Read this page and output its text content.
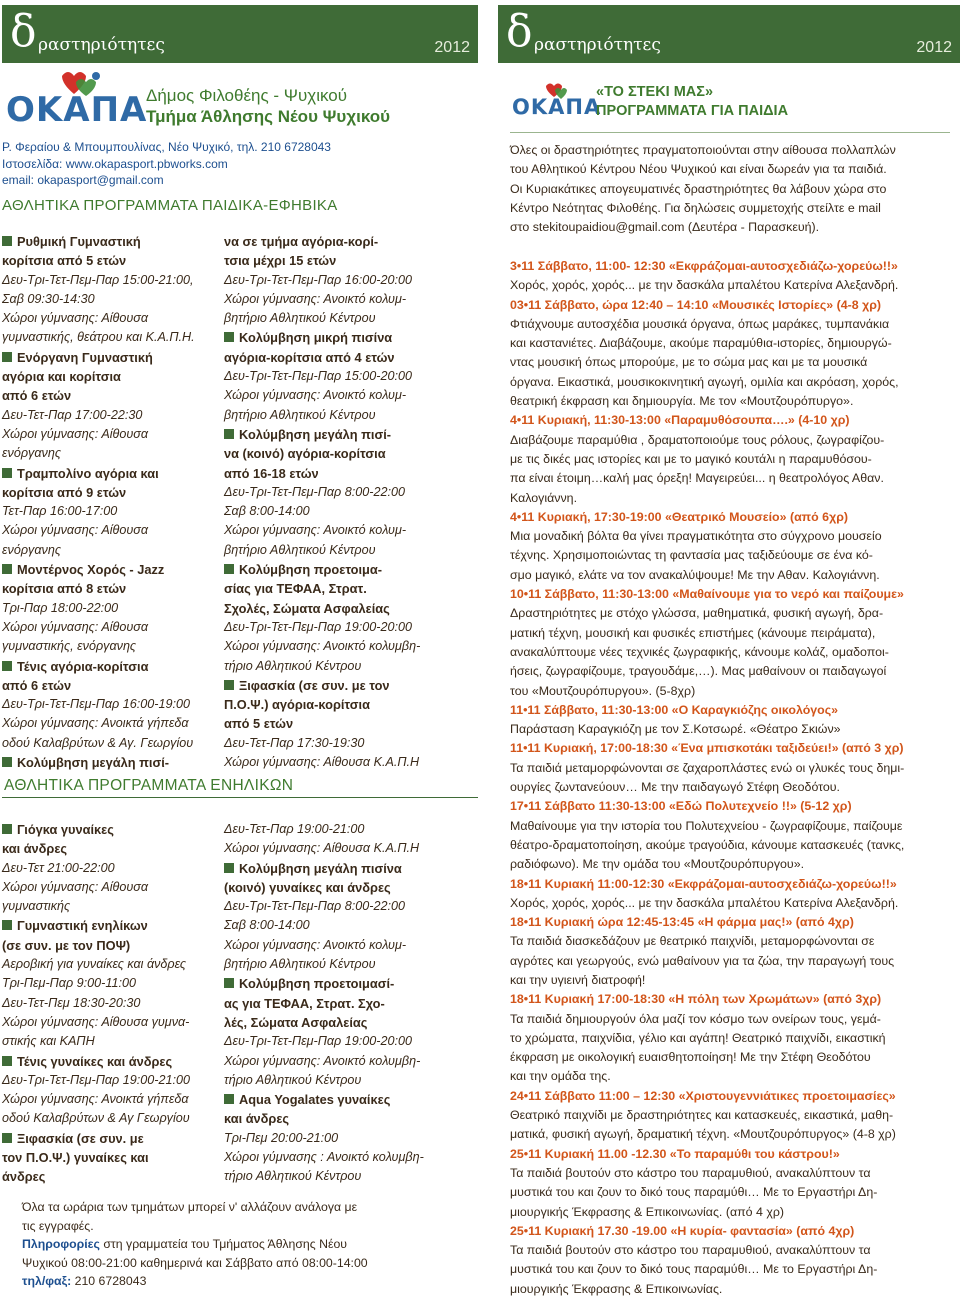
δ ραστηριότητες	2012
ΟΚΑΠΑ
Δήμος Φιλοθέης - Ψυχικού
Τμήμα Άθλησης Νέου Ψυχικού
Ρ. Φεραίου & Μπουμπουλίνας, Νέο Ψυχικό, τηλ. 210 6728043
Ιστοσελίδα: www.okapasport.pbworks.com
email: okapasport@gmail.com
ΑΘΛΗΤΙΚΑ ΠΡΟΓΡΑΜΜΑΤΑ ΠΑΙΔΙΚΑ-ΕΦΗΒΙΚΑ
Ρυθμική Γυμναστική
κορίτσια από 5 ετών
Δευ-Τρι-Τετ-Πεμ-Παρ 15:00-21:00,
Σαβ 09:30-14:30
Χώροι γύμνασης: Αίθουσα
γυμναστικής, θεάτρου και Κ.Α.Π.Η.
Ενόργανη Γυμναστική
αγόρια και κορίτσια
από 6 ετών
Δευ-Τετ-Παρ 17:00-22:30
Χώροι γύμνασης: Αίθουσα
ενόργανης
Τραμπολίνο αγόρια και
κορίτσια από 9 ετών
Τετ-Παρ 16:00-17:00
Χώροι γύμνασης: Αίθουσα
ενόργανης
Μοντέρνος Χορός - Jazz
κορίτσια από 8 ετών
Τρι-Παρ 18:00-22:00
Χώροι γύμνασης: Αίθουσα
γυμναστικής, ενόργανης
Τένις αγόρια-κορίτσια
από 6 ετών
Δευ-Τρι-Τετ-Πεμ-Παρ 16:00-19:00
Χώροι γύμνασης: Ανοικτά γήπεδα
οδού Καλαβρύτων & Αγ. Γεωργίου
Κολύμβηση μεγάλη πισί-
να σε τμήμα αγόρια-κορί-
τσια μέχρι 15 ετών
Δευ-Τρι-Τετ-Πεμ-Παρ 16:00-20:00
Χώροι γύμνασης: Ανοικτό κολυμ-
βητήριο Αθλητικού Κέντρου
Κολύμβηση μικρή πισίνα
αγόρια-κορίτσια από 4 ετών
Δευ-Τρι-Τετ-Πεμ-Παρ 15:00-20:00
Χώροι γύμνασης: Ανοικτό κολυμ-
βητήριο Αθλητικού Κέντρου
Κολύμβηση μεγάλη πισί-
να (κοινό) αγόρια-κορίτσια
από 16-18 ετών
Δευ-Τρι-Τετ-Πεμ-Παρ 8:00-22:00
Σαβ 8:00-14:00
Χώροι γύμνασης: Ανοικτό κολυμ-
βητήριο Αθλητικού Κέντρου
Κολύμβηση προετοιμα-
σίας για ΤΕΦΑΑ, Στρατ.
Σχολές, Σώματα Ασφαλείας
Δευ-Τρι-Τετ-Πεμ-Παρ 19:00-20:00
Χώροι γύμνασης: Ανοικτό κολυμβη-
τήριο Αθλητικού Κέντρου
Ξιφασκία (σε συν. με τον
Π.Ο.Ψ.) αγόρια-κορίτσια
από 5 ετών
Δευ-Τετ-Παρ 17:30-19:30
Χώροι γύμνασης: Αίθουσα Κ.Α.Π.Η
ΑΘΛΗΤΙΚΑ ΠΡΟΓΡΑΜΜΑΤΑ ΕΝΗΛΙΚΩΝ
Γιόγκα γυναίκες
και άνδρες
Δευ-Τετ 21:00-22:00
Χώροι γύμνασης: Αίθουσα
γυμναστικής
Γυμναστική ενηλίκων
(σε συν. με τον ΠΟΨ)
Αεροβική για γυναίκες και άνδρες
Τρι-Πεμ-Παρ 9:00-11:00
Δευ-Τετ-Πεμ 18:30-20:30
Χώροι γύμνασης: Αίθουσα γυμνα-
στικής και ΚΑΠΗ
Τένις γυναίκες και άνδρες
Δευ-Τρι-Τετ-Πεμ-Παρ 19:00-21:00
Χώροι γύμνασης: Ανοικτά γήπεδα
οδού Καλαβρύτων & Αγ Γεωργίου
Ξιφασκία (σε συν. με
τον Π.Ο.Ψ.) γυναίκες και
άνδρες
Δευ-Τετ-Παρ 19:00-21:00
Χώροι γύμνασης: Αίθουσα Κ.Α.Π.Η
Κολύμβηση μεγάλη πισίνα
(κοινό) γυναίκες και άνδρες
Δευ-Τρι-Τετ-Πεμ-Παρ 8:00-22:00
Σαβ 8:00-14:00
Χώροι γύμνασης: Ανοικτό κολυμ-
βητήριο Αθλητικού Κέντρου
Κολύμβηση προετοιμασί-
ας για ΤΕΦΑΑ, Στρατ. Σχο-
λές, Σώματα Ασφαλείας
Δευ-Τρι-Τετ-Πεμ-Παρ 19:00-20:00
Χώροι γύμνασης: Ανοικτό κολυμβη-
τήριο Αθλητικού Κέντρου
Aqua Yogalates γυναίκες
και άνδρες
Τρι-Πεμ 20:00-21:00
Χώροι γύμνασης : Ανοικτό κολυμβη-
τήριο Αθλητικού Κέντρου
Όλα τα ωράρια των τμημάτων μπορεί ν' αλλάζουν ανάλογα με
τις εγγραφές.
Πληροφορίες στη γραμματεία του Τμήματος Άθλησης Νέου
Ψυχικού 08:00-21:00 καθημερινά και Σάββατο από 08:00-14:00
τηλ/φαξ: 210 6728043
δ ραστηριότητες	2012
ΟΚΑΠΑ
«ΤΟ ΣΤΕΚΙ ΜΑΣ»
ΠΡΟΓΡΑΜΜΑΤΑ ΓΙΑ ΠΑΙΔΙΑ
Όλες οι δραστηριότητες πραγματοποιούνται στην αίθουσα πολλαπλών
του Αθλητικού Κέντρου Νέου Ψυχικού και είναι δωρεάν για τα παιδιά.
Οι Κυριακάτικες απογευματινές δραστηριότητες θα λάβουν χώρα στο
Κέντρο Νεότητας Φιλοθέης. Για δηλώσεις συμμετοχής στείλτε e mail
στο stekitoupaidiou@gmail.com (Δευτέρα - Παρασκευή).
3•11 Σάββατο, 11:00- 12:30 «Εκφράζομαι-αυτοσχεδιάζω-χορεύω!!»
Χορός, χορός, χορός... με την δασκάλα μπαλέτου Κατερίνα Αλεξανδρή.
03•11 Σάββατο, ώρα 12:40 – 14:10 «Μουσικές Ιστορίες» (4-8 χρ)
Φτιάχνουμε αυτοσχέδια μουσικά όργανα, όπως μαράκες, τυμπανάκια
και καστανιέτες. Διαβάζουμε, ακούμε παραμύθια-ιστορίες, δημιουργώ-
ντας μουσική όπως μπορούμε, με το σώμα μας και με τα μουσικά
όργανα. Εικαστικά, μουσικοκινητική αγωγή, ομιλία και ακρόαση, χορός,
θεατρική έκφραση και δημιουργία. Με τον «Μουτζουρόπυργο».
4•11 Κυριακή, 11:30-13:00 «Παραμυθόσουπα….» (4-10 χρ)
Διαβάζουμε παραμύθια , δραματοποιούμε τους ρόλους, ζωγραφίζου-
με τις δικές μας ιστορίες και με το μαγικό κουτάλι η παραμυθόσου-
πα είναι έτοιμη…καλή μας όρεξη! Μαγειρεύει... η θεατρολόγος Αθαν.
Καλογιάννη.
4•11 Κυριακή, 17:30-19:00 «Θεατρικό Μουσείο» (από 6χρ)
Μια μοναδική βόλτα θα γίνει πραγματικότητα στο σύγχρονο μουσείο
τέχνης. Χρησιμοποιώντας τη φαντασία μας ταξιδεύουμε σε ένα κό-
σμο μαγικό, ελάτε να τον ανακαλύψουμε! Με την Αθαν. Καλογιάννη.
10•11 Σάββατο, 11:30-13:00 «Μαθαίνουμε για το νερό και παίζουμε»
Δραστηριότητες με στόχο γλώσσα, μαθηματικά, φυσική αγωγή, δρα-
ματική τέχνη, μουσική και φυσικές επιστήμες (κάνουμε πειράματα),
ανακαλύπτουμε νέες τεχνικές ζωγραφικής, κάνουμε κολάζ, ομαδοποι-
ήσεις, ζωγραφίζουμε, τραγουδάμε,…). Μας μαθαίνουν οι παιδαγωγοί
του «Μουτζουρόπυργου». (5-8χρ)
11•11 Σάββατο, 11:30-13:00 «Ο Καραγκιόζης οικολόγος»
Παράσταση Καραγκιόζη με τον Σ.Κοτσωρέ. «Θέατρο Σκιών»
11•11 Κυριακή, 17:00-18:30 «Ένα μπισκοτάκι ταξιδεύει!» (από 3 χρ)
Τα παιδιά μεταμορφώνονται σε ζαχαροπλάστες ενώ οι γλυκές τους δημι-
ουργίες ζωντανεύουν… Με την παιδαγωγό Στέφη Θεοδότου.
17•11 Σάββατο 11:30-13:00 «Εδώ Πολυτεχνείο !!» (5-12 χρ)
Μαθαίνουμε για την ιστορία του Πολυτεχνείου - ζωγραφίζουμε, παίζουμε
θέατρο-δραματοποίηση, ακούμε τραγούδια, κάνουμε κατασκευές (τανκς,
ραδιόφωνο). Με την ομάδα του «Μουτζουρόπυργου».
18•11 Κυριακή 11:00-12:30 «Εκφράζομαι-αυτοσχεδιάζω-χορεύω!!»
Χορός, χορός, χορός... με την δασκάλα μπαλέτου Κατερίνα Αλεξανδρή.
18•11 Κυριακή ώρα 12:45-13:45 «Η φάρμα μας!» (από 4χρ)
Τα παιδιά διασκεδάζουν με θεατρικό παιχνίδι, μεταμορφώνονται σε
αγρότες και γεωργούς, ενώ μαθαίνουν για τα ζώα, την παραγωγή τους
και την υγιεινή διατροφή!
18•11 Κυριακή 17:00-18:30 «Η πόλη των Χρωμάτων» (από 3χρ)
Τα παιδιά δημιουργούν όλα μαζί τον κόσμο των ονείρων τους, γεμά-
το χρώματα, παιχνίδια, γέλιο και αγάπη! Θεατρικό παιχνίδι, εικαστική
έκφραση με οικολογική ευαισθητοποίηση! Με την Στέφη Θεοδότου
και την ομάδα της.
24•11 Σάββατο 11:00 – 12:30 «Χριστουγεννιάτικες προετοιμασίες»
Θεατρικό παιχνίδι με δραστηριότητες και κατασκευές, εικαστικά, μαθη-
ματικά, φυσική αγωγή, δραματική τέχνη. «Μουτζουρόπυργος» (4-8 χρ)
25•11 Κυριακή 11.00 -12.30 «Το παραμύθι του κάστρου!»
Τα παιδιά βουτούν στο κάστρο του παραμυθιού, ανακαλύπτουν τα
μυστικά του και ζουν το δικό τους παραμύθι… Με το Εργαστήρι Δη-
μιουργικής Έκφρασης & Επικοινωνίας. (από 4 χρ)
25•11 Κυριακή 17.30 -19.00 «Η κυρία- φαντασία» (από 4χρ)
Τα παιδιά βουτούν στο κάστρο του παραμυθιού, ανακαλύπτουν τα
μυστικά του και ζουν το δικό τους παραμύθι… Με το Εργαστήρι Δη-
μιουργικής Έκφρασης & Επικοινωνίας.
